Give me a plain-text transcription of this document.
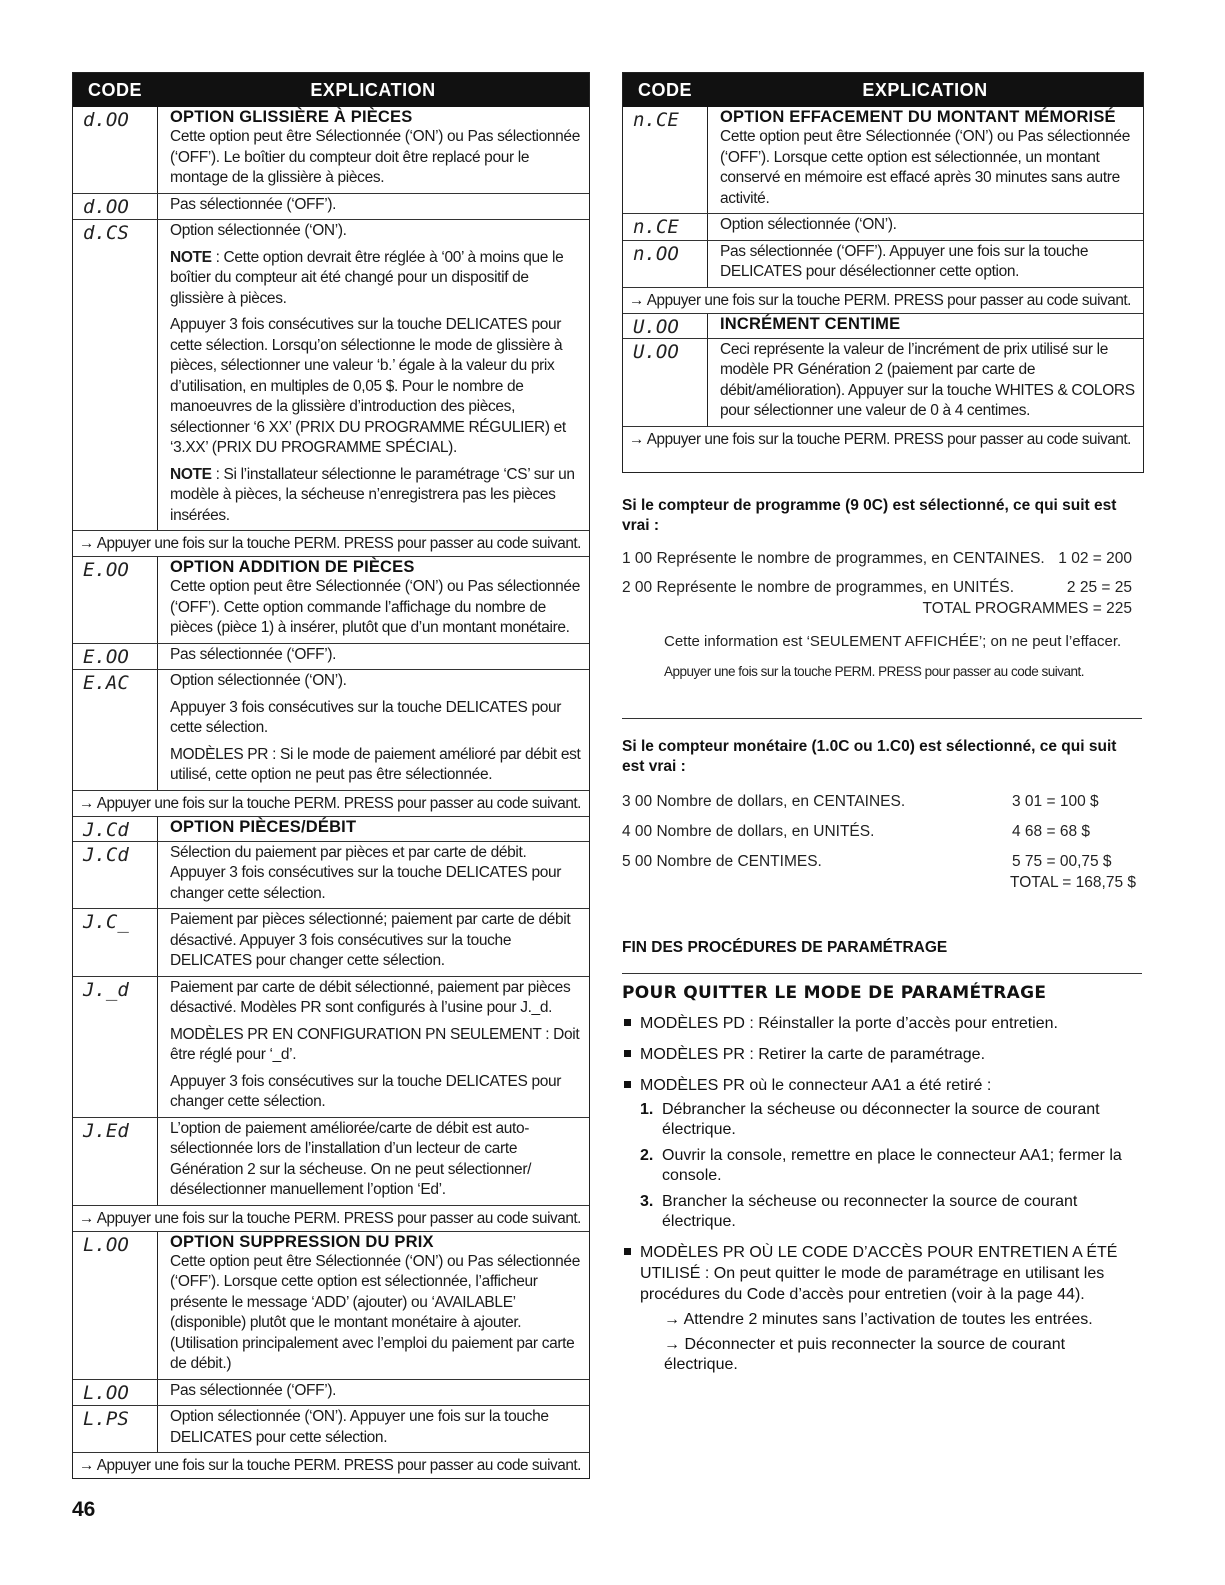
CODE	EXPLICATION
d.OO	OPTION GLISSIÈRE À PIÈCES
Cette option peut être Sélectionnée (‘ON’) ou Pas sélectionnée (‘OFF’). Le boîtier du compteur doit être replacé pour le montage de la glissière à pièces.
d.OO	Pas sélectionnée (‘OFF’).
d.CS	Option sélectionnée (‘ON’).
NOTE : Cette option devrait être réglée à ‘00’ à moins que le boîtier du compteur ait été changé pour un dispositif de glissière à pièces.
Appuyer 3 fois consécutives sur la touche DELICATES pour cette sélection. Lorsqu’on sélectionne le mode de glissière à pièces, sélectionner une valeur ‘b.’ égale à la valeur du prix d’utilisation, en multiples de 0,05 $. Pour le nombre de manoeuvres de la glissière d’introduction des pièces, sélectionner ‘6 XX’ (PRIX DU PROGRAMME RÉGULIER) et ‘3.XX’ (PRIX DU PROGRAMME SPÉCIAL).
NOTE : Si l’installateur sélectionne le paramétrage ‘CS’ sur un modèle à pièces, la sécheuse n’enregistrera pas les pièces insérées.
→ Appuyer une fois sur la touche PERM. PRESS pour passer au code suivant.
E.OO	OPTION ADDITION DE PIÈCES
Cette option peut être Sélectionnée (‘ON’) ou Pas sélectionnée (‘OFF’). Cette option commande l’affichage du nombre de pièces (pièce 1) à insérer, plutôt que d’un montant monétaire.
E.OO	Pas sélectionnée (‘OFF’).
E.AC	Option sélectionnée (‘ON’).
Appuyer 3 fois consécutives sur la touche DELICATES pour cette sélection.
MODÈLES PR : Si le mode de paiement amélioré par débit est utilisé, cette option ne peut pas être sélectionnée.
→ Appuyer une fois sur la touche PERM. PRESS pour passer au code suivant.
J.Cd	OPTION PIÈCES/DÉBIT
J.Cd	Sélection du paiement par pièces et par carte de débit. Appuyer 3 fois consécutives sur la touche DELICATES pour changer cette sélection.
J.C_	Paiement par pièces sélectionné; paiement par carte de débit désactivé. Appuyer 3 fois consécutives sur la touche DELICATES pour changer cette sélection.
J._d	Paiement par carte de débit sélectionné, paiement par pièces désactivé. Modèles PR sont configurés à l’usine pour J._d.
MODÈLES PR EN CONFIGURATION PN SEULEMENT : Doit être réglé pour ‘_d’.
Appuyer 3 fois consécutives sur la touche DELICATES pour changer cette sélection.
J.Ed	L’option de paiement améliorée/carte de débit est auto-sélectionnée lors de l’installation d’un lecteur de carte Génération 2 sur la sécheuse. On ne peut sélectionner/ désélectionner manuellement l’option ‘Ed’.
→ Appuyer une fois sur la touche PERM. PRESS pour passer au code suivant.
L.OO	OPTION SUPPRESSION DU PRIX
Cette option peut être Sélectionnée (‘ON’) ou Pas sélectionnée (‘OFF’). Lorsque cette option est sélectionnée, l’afficheur présente le message ‘ADD’ (ajouter) ou ‘AVAILABLE’ (disponible) plutôt que le montant monétaire à ajouter. (Utilisation principalement avec l’emploi du paiement par carte de débit.)
L.OO	Pas sélectionnée (‘OFF’).
L.PS	Option sélectionnée (‘ON’). Appuyer une fois sur la touche DELICATES pour cette sélection.
→ Appuyer une fois sur la touche PERM. PRESS pour passer au code suivant.
CODE	EXPLICATION
n.CE	OPTION EFFACEMENT DU MONTANT MÉMORISÉ
Cette option peut être Sélectionnée (‘ON’) ou Pas sélectionnée (‘OFF’). Lorsque cette option est sélectionnée, un montant conservé en mémoire est effacé après 30 minutes sans autre activité.
n.CE	Option sélectionnée (‘ON’).
n.OO	Pas sélectionnée (‘OFF’). Appuyer une fois sur la touche DELICATES pour désélectionner cette option.
→ Appuyer une fois sur la touche PERM. PRESS pour passer au code suivant.
U.OO	INCRÉMENT CENTIME
U.OO	Ceci représente la valeur de l’incrément de prix utilisé sur le modèle PR Génération 2 (paiement par carte de débit/amélioration). Appuyer sur la touche WHITES & COLORS pour sélectionner une valeur de 0 à 4 centimes.
→ Appuyer une fois sur la touche PERM. PRESS pour passer au code suivant.
Si le compteur de programme (9 0C) est sélectionné, ce qui suit est vrai :
1 00 Représente le nombre de programmes, en CENTAINES. 1 02 = 200
2 00 Représente le nombre de programmes, en UNITÉS.	2 25 = 25
TOTAL PROGRAMMES = 225
Cette information est ‘SEULEMENT AFFICHÉE’; on ne peut l’effacer.
Appuyer une fois sur la touche PERM. PRESS pour passer au code suivant.
Si le compteur monétaire (1.0C ou 1.C0) est sélectionné, ce qui suit est vrai :
3 00 Nombre de dollars, en CENTAINES.	3 01 = 100 $
4 00 Nombre de dollars, en UNITÉS.	4 68 = 68 $
5 00 Nombre de CENTIMES.	5 75 = 00,75 $
TOTAL = 168,75 $
FIN DES PROCÉDURES DE PARAMÉTRAGE
POUR QUITTER LE MODE DE PARAMÉTRAGE
MODÈLES PD : Réinstaller la porte d’accès pour entretien.
MODÈLES PR : Retirer la carte de paramétrage.
MODÈLES PR où le connecteur AA1 a été retiré :
1. Débrancher la sécheuse ou déconnecter la source de courant électrique.
2. Ouvrir la console, remettre en place le connecteur AA1; fermer la console.
3. Brancher la sécheuse ou reconnecter la source de courant électrique.
MODÈLES PR OÙ LE CODE D’ACCÈS POUR ENTRETIEN A ÉTÉ UTILISÉ : On peut quitter le mode de paramétrage en utilisant les procédures du Code d’accès pour entretien (voir à la page 44).
→ Attendre 2 minutes sans l’activation de toutes les entrées.
→ Déconnecter et puis reconnecter la source de courant électrique.
46
